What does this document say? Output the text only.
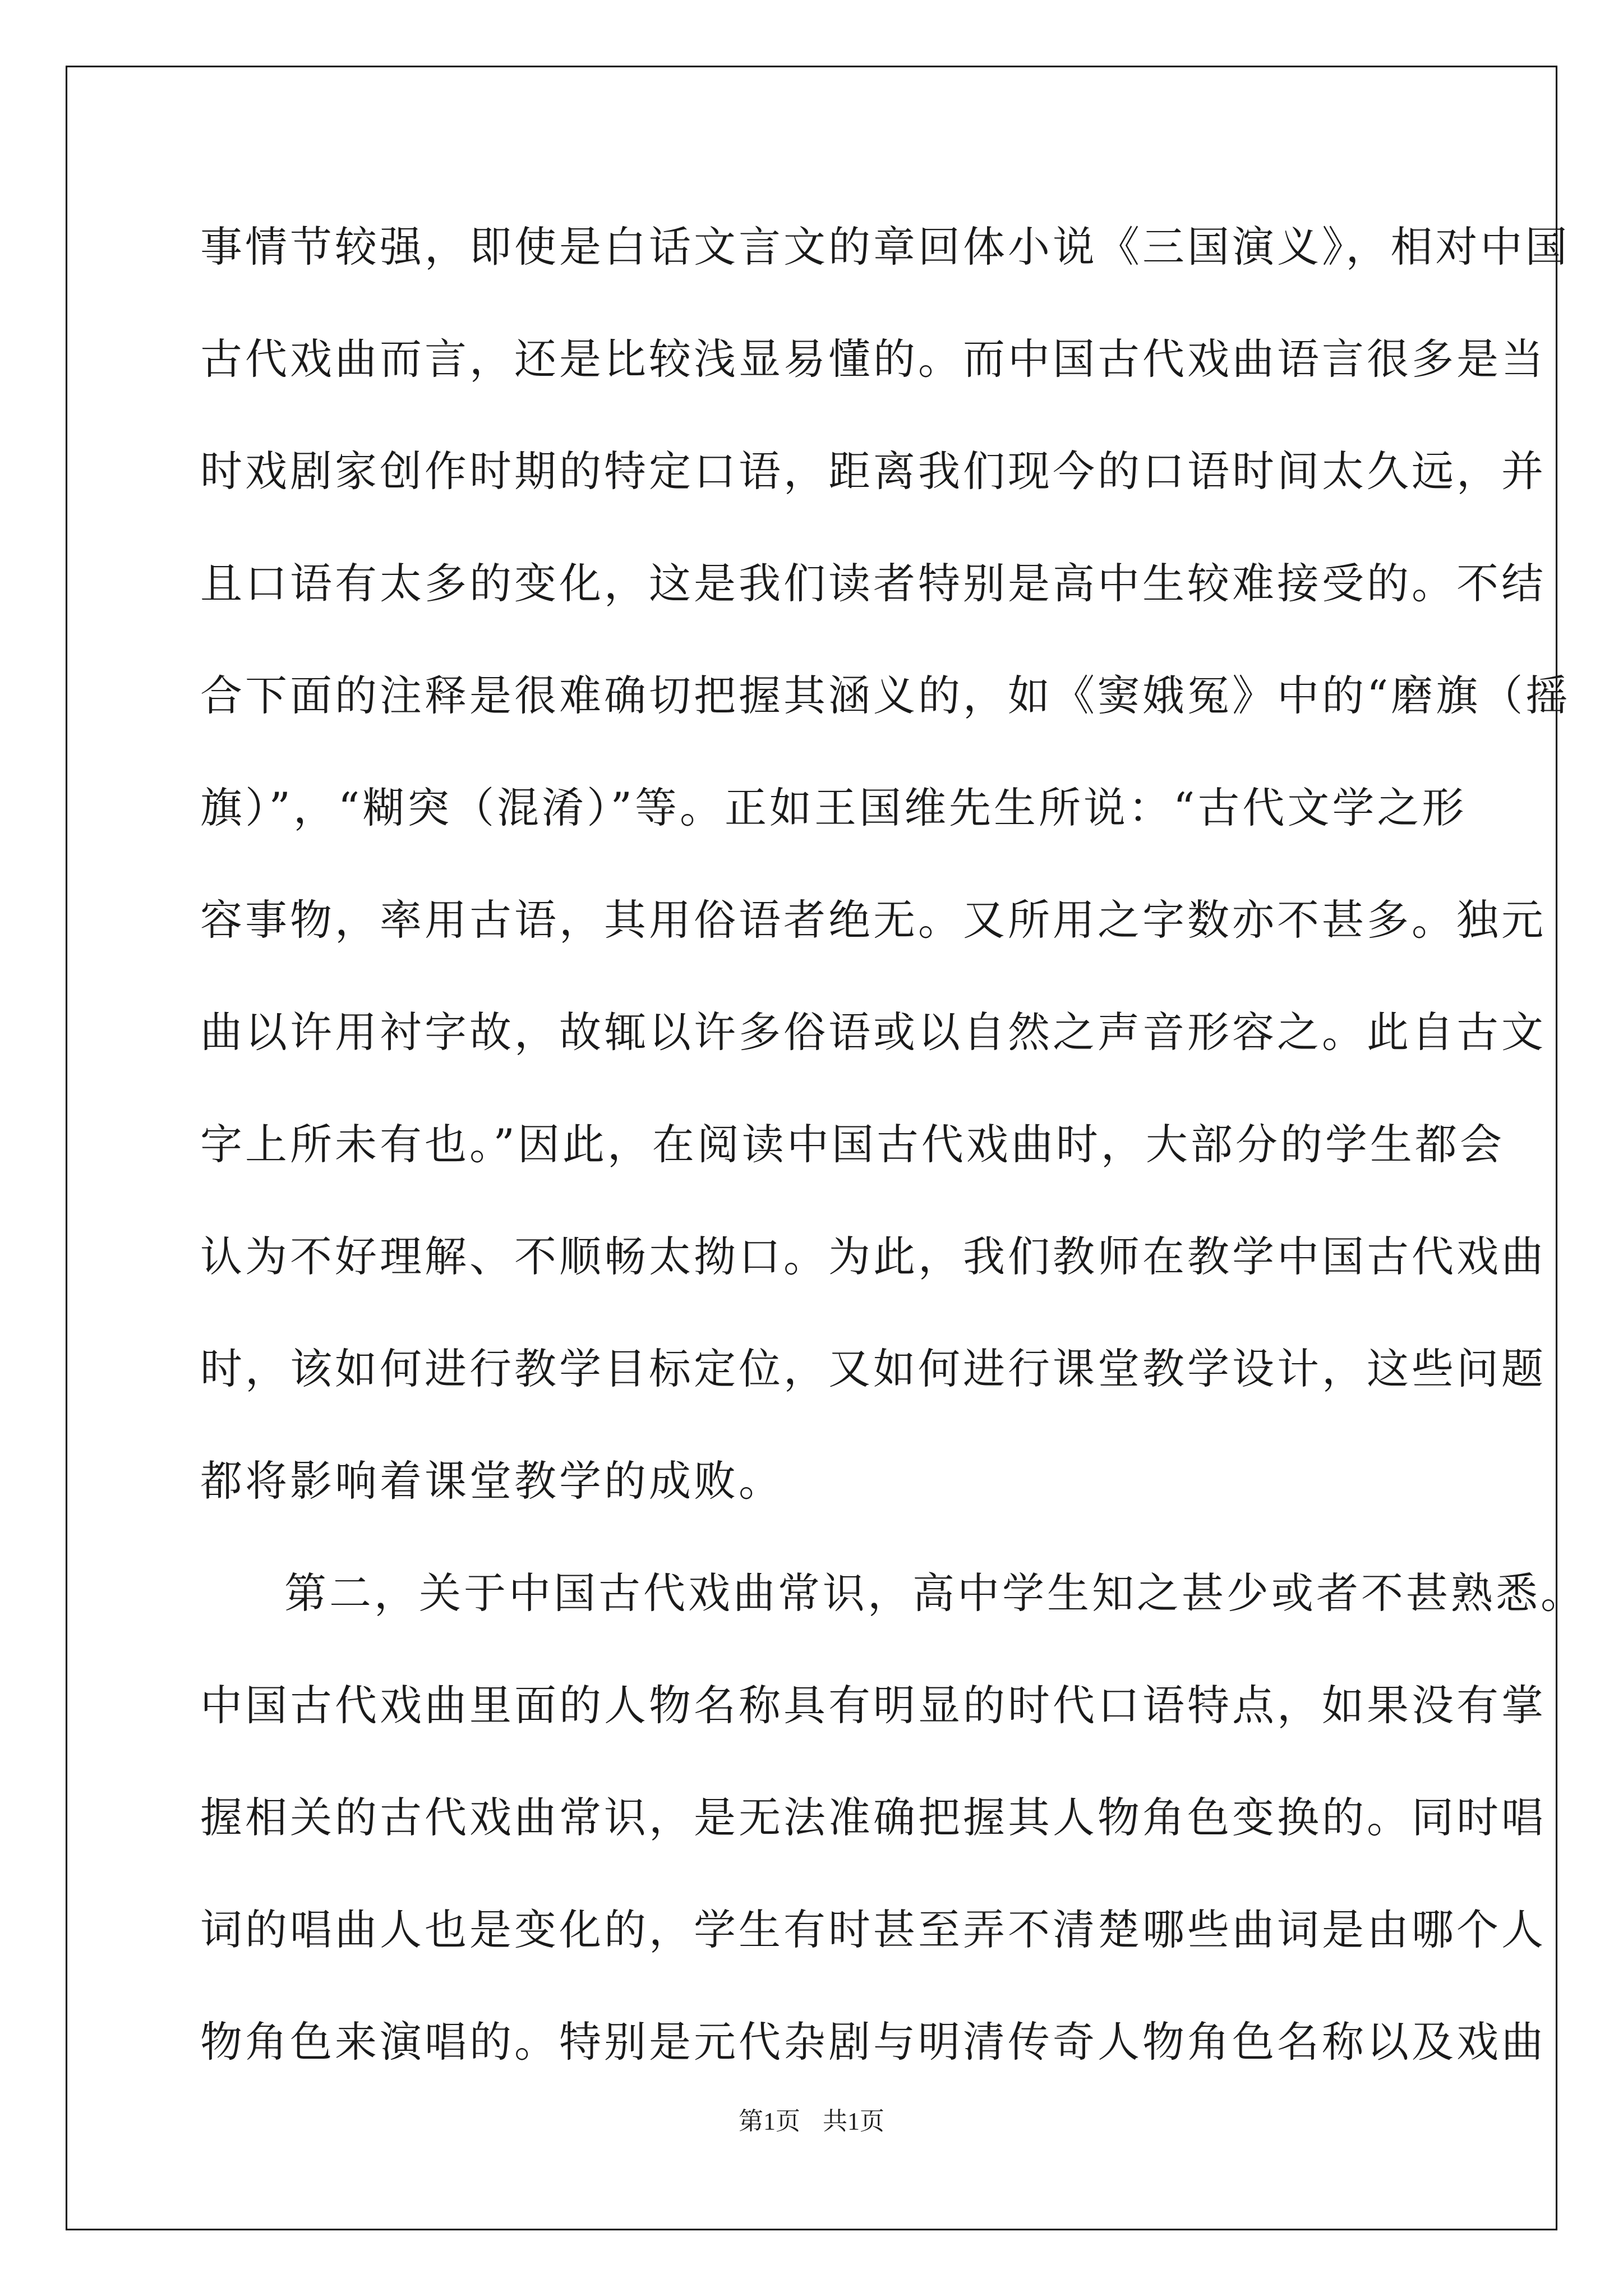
事情节较强，即使是白话文言文的章回体小说《三国演义》，相对中国
古代戏曲而言，还是比较浅显易懂的。而中国古代戏曲语言很多是当
时戏剧家创作时期的特定口语，距离我们现今的口语时间太久远，并
且口语有太多的变化，这是我们读者特别是高中生较难接受的。不结
合下面的注释是很难确切把握其涵义的，如《窦娥冤》中的“磨旗（摇
旗）”，“糊突（混淆）”等。正如王国维先生所说：“古代文学之形
容事物，率用古语，其用俗语者绝无。又所用之字数亦不甚多。独元
曲以许用衬字故，故辄以许多俗语或以自然之声音形容之。此自古文
字上所未有也。”因此，在阅读中国古代戏曲时，大部分的学生都会
认为不好理解、不顺畅太拗口。为此，我们教师在教学中国古代戏曲
时，该如何进行教学目标定位，又如何进行课堂教学设计，这些问题
都将影响着课堂教学的成败。
第二，关于中国古代戏曲常识，高中学生知之甚少或者不甚熟悉。
中国古代戏曲里面的人物名称具有明显的时代口语特点，如果没有掌
握相关的古代戏曲常识，是无法准确把握其人物角色变换的。同时唱
词的唱曲人也是变化的，学生有时甚至弄不清楚哪些曲词是由哪个人
物角色来演唱的。特别是元代杂剧与明清传奇人物角色名称以及戏曲
第1页 共1页
